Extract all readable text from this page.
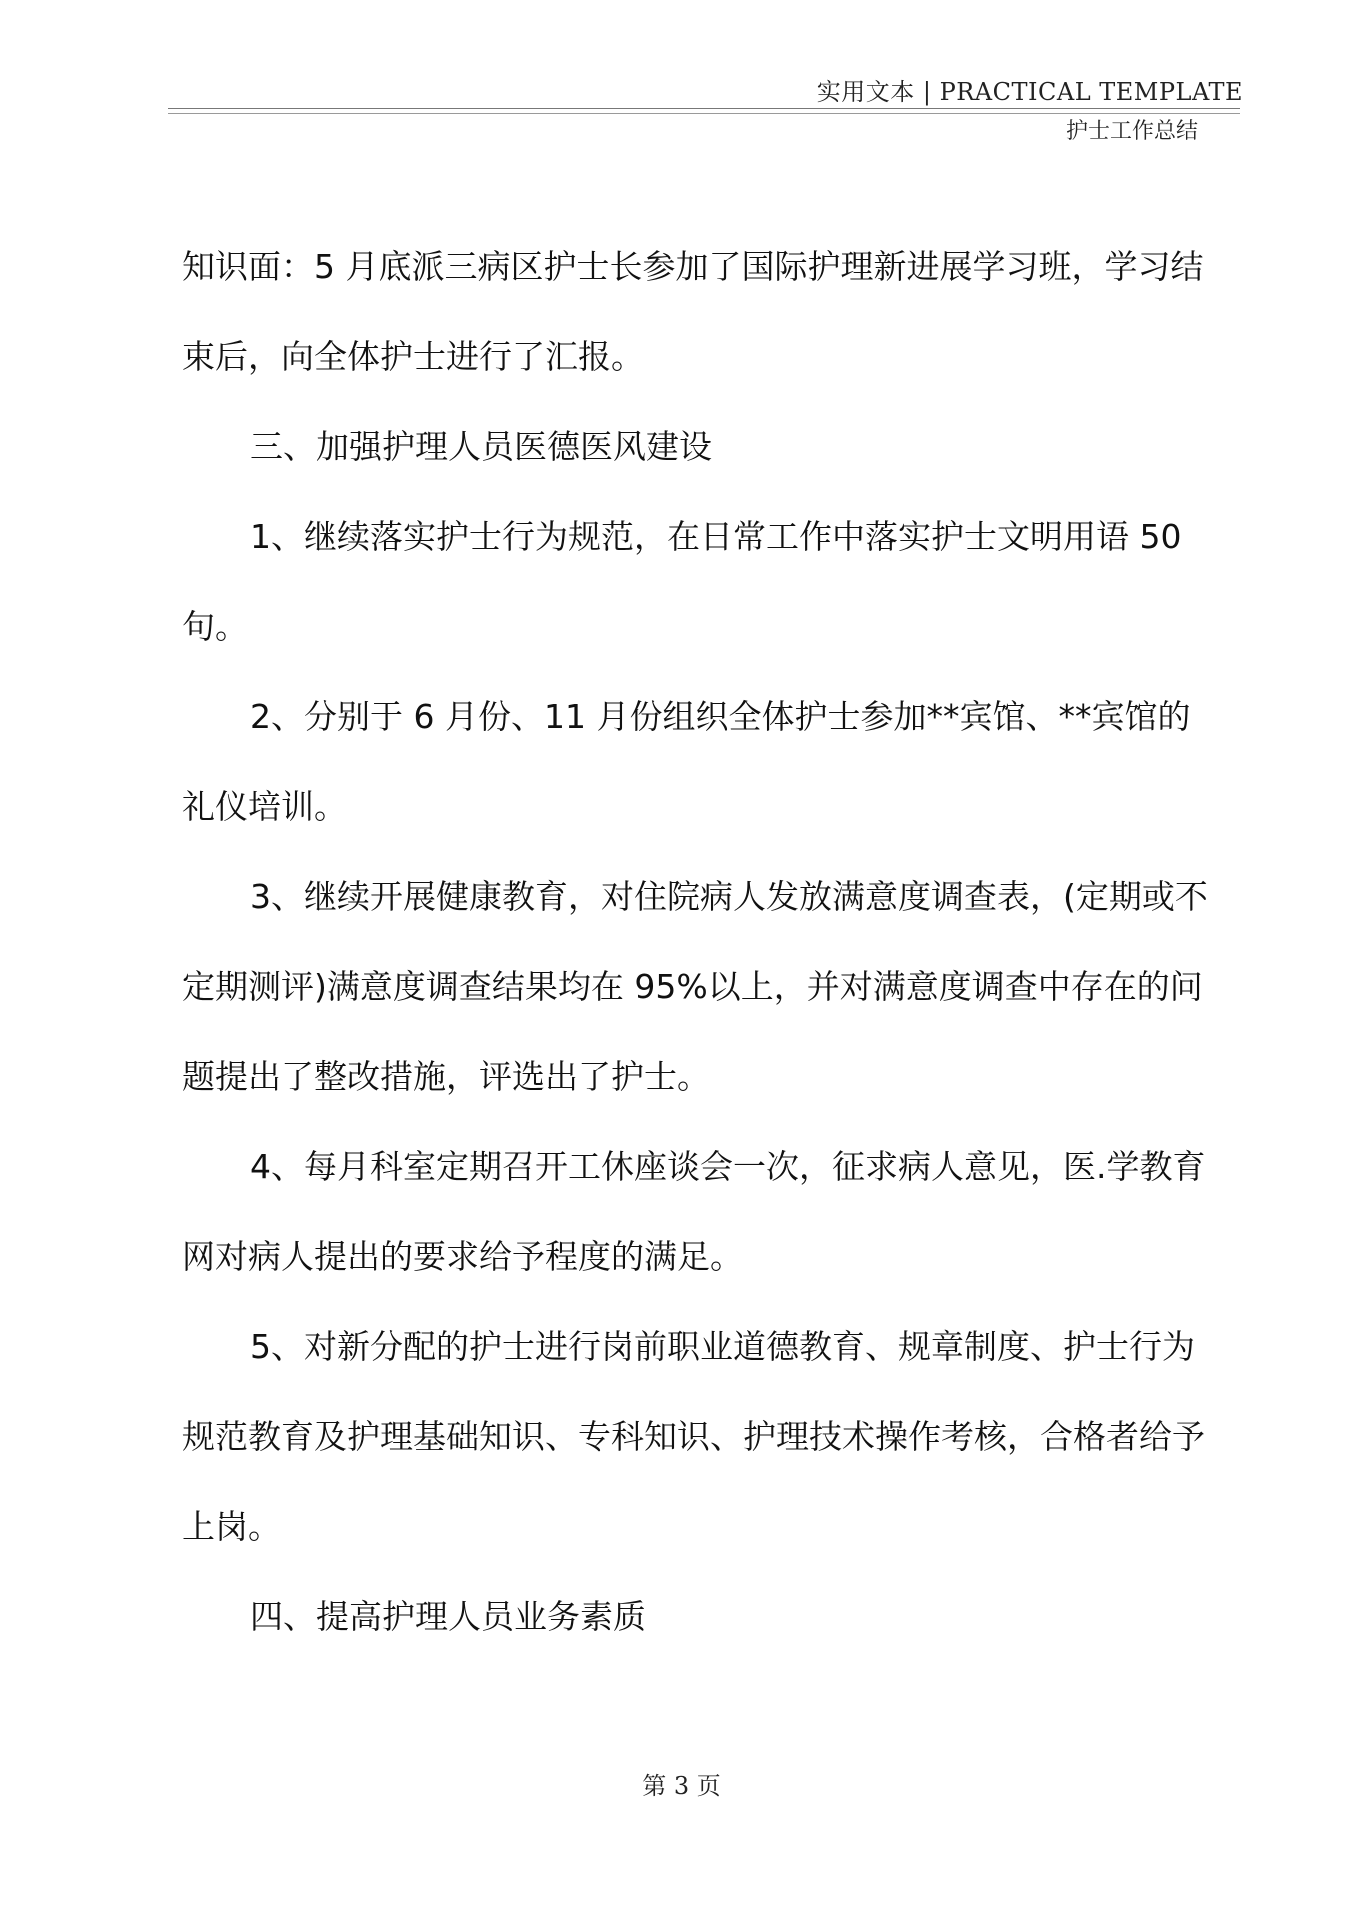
实用文本 | PRACTICAL TEMPLATE
护士工作总结

知识面：5 月底派三病区护士长参加了国际护理新进展学习班，学习结束后，向全体护士进行了汇报。

三、加强护理人员医德医风建设

1、继续落实护士行为规范，在日常工作中落实护士文明用语 50 句。

2、分别于 6 月份、11 月份组织全体护士参加**宾馆、**宾馆的礼仪培训。

3、继续开展健康教育，对住院病人发放满意度调查表，(定期或不定期测评)满意度调查结果均在 95%以上，并对满意度调查中存在的问题提出了整改措施，评选出了护士。

4、每月科室定期召开工休座谈会一次，征求病人意见，医.学教育网对病人提出的要求给予程度的满足。

5、对新分配的护士进行岗前职业道德教育、规章制度、护士行为规范教育及护理基础知识、专科知识、护理技术操作考核，合格者给予上岗。

四、提高护理人员业务素质

第 3 页
